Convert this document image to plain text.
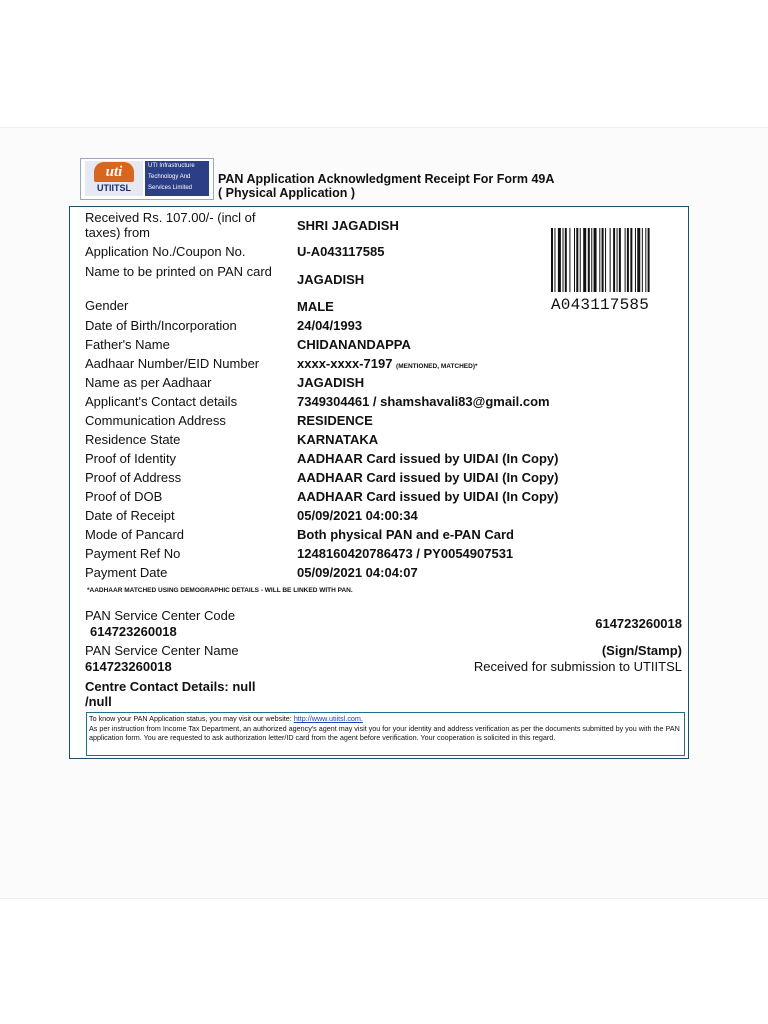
uti
UTIITSL
UTI Infrastructure
Technology And
Services Limited
PAN Application Acknowledgment Receipt For Form 49A
( Physical Application )
Received Rs. 107.00/- (incl of taxes) from
Application No./Coupon No.
Name to be printed on PAN card
Gender
Date of Birth/Incorporation
Father's Name
Aadhaar Number/EID Number
Name as per Aadhaar
Applicant's Contact details
Communication Address
Residence State
Proof of Identity
Proof of Address
Proof of DOB
Date of Receipt
Mode of Pancard
Payment Ref No
Payment Date
SHRI JAGADISH
U-A043117585
JAGADISH
MALE
24/04/1993
CHIDANANDAPPA
xxxx-xxxx-7197 (MENTIONED, MATCHED)*
JAGADISH
7349304461 / shamshavali83@gmail.com
RESIDENCE
KARNATAKA
AADHAAR Card issued by UIDAI (In Copy)
AADHAAR Card issued by UIDAI (In Copy)
AADHAAR Card issued by UIDAI (In Copy)
05/09/2021 04:00:34
Both physical PAN and e-PAN Card
1248160420786473 / PY0054907531
05/09/2021 04:04:07
A043117585
*AADHAAR MATCHED USING DEMOGRAPHIC DETAILS - WILL BE LINKED WITH PAN.
PAN Service Center Code
614723260018
614723260018
PAN Service Center Name
614723260018
(Sign/Stamp)
Received for submission to UTIITSL
Centre Contact Details: null
/null
To know your PAN Application status, you may visit our website: http://www.utiitsl.com.
As per instruction from Income Tax Department, an authorized agency's agent may visit you for your identity and address verification as per the documents submitted by you with the PAN application form. You are requested to ask authorization letter/ID card from the agent before verification. Your cooperation is solicited in this regard.
